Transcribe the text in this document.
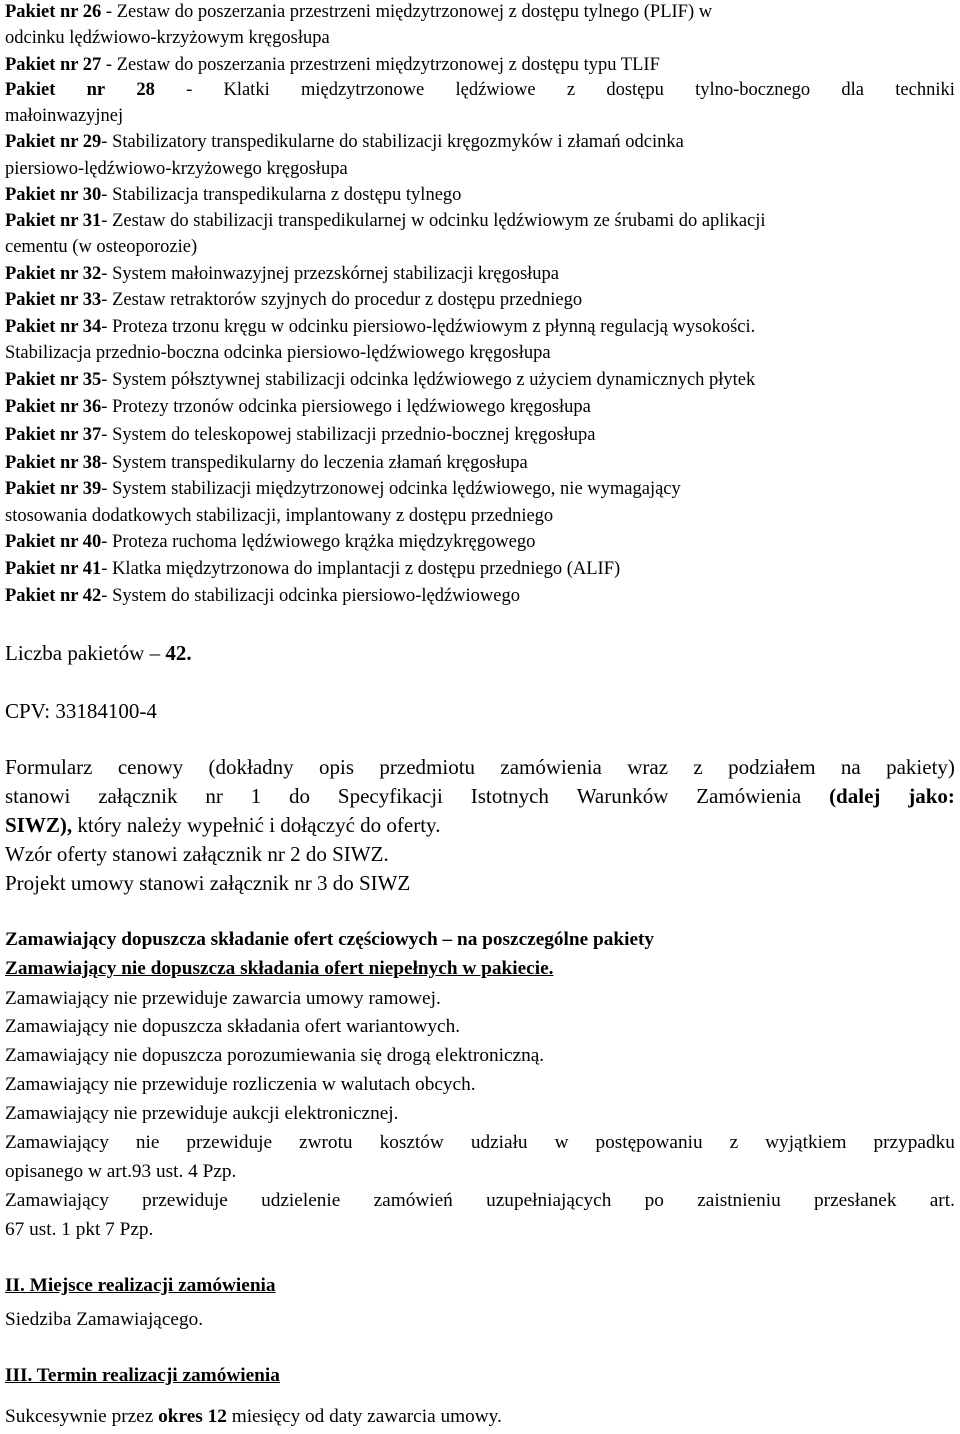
Pakiet nr 26 - Zestaw do poszerzania przestrzeni międzytrzonowej z dostępu tylnego (PLIF) w
odcinku lędźwiowo-krzyżowym kręgosłupa
Pakiet nr 27 - Zestaw do poszerzania przestrzeni międzytrzonowej z dostępu typu TLIF
Pakiet nr 28 - Klatki międzytrzonowe lędźwiowe z dostępu tylno-bocznego dla techniki
małoinwazyjnej
Pakiet nr 29- Stabilizatory transpedikularne do stabilizacji kręgozmyków i złamań odcinka
piersiowo-lędźwiowo-krzyżowego kręgosłupa
Pakiet nr 30- Stabilizacja transpedikularna z dostępu tylnego
Pakiet nr 31- Zestaw do stabilizacji transpedikularnej w odcinku lędźwiowym ze śrubami do aplikacji
cementu (w osteoporozie)
Pakiet nr 32- System małoinwazyjnej przezskórnej stabilizacji kręgosłupa
Pakiet nr 33- Zestaw retraktorów szyjnych do procedur z dostępu przedniego
Pakiet nr 34- Proteza trzonu kręgu w odcinku piersiowo-lędźwiowym z płynną regulacją wysokości.
Stabilizacja przednio-boczna odcinka piersiowo-lędźwiowego kręgosłupa
Pakiet nr 35- System półsztywnej stabilizacji odcinka lędźwiowego z użyciem dynamicznych płytek
Pakiet nr 36- Protezy trzonów odcinka piersiowego i lędźwiowego kręgosłupa
Pakiet nr 37- System do teleskopowej stabilizacji przednio-bocznej kręgosłupa
Pakiet nr 38- System transpedikularny do leczenia złamań kręgosłupa
Pakiet nr 39- System stabilizacji międzytrzonowej odcinka lędźwiowego, nie wymagający
stosowania dodatkowych stabilizacji, implantowany z dostępu przedniego
Pakiet nr 40- Proteza ruchoma lędźwiowego krążka międzykręgowego
Pakiet nr 41- Klatka międzytrzonowa do implantacji z dostępu przedniego (ALIF)
Pakiet nr 42- System do stabilizacji odcinka piersiowo-lędźwiowego
Liczba pakietów – 42.
CPV: 33184100-4
Formularz cenowy (dokładny opis przedmiotu zamówienia wraz z podziałem na pakiety)
stanowi załącznik nr 1 do Specyfikacji Istotnych Warunków Zamówienia (dalej jako:
SIWZ), który należy wypełnić i dołączyć do oferty.
Wzór oferty stanowi załącznik nr 2 do SIWZ.
Projekt umowy stanowi załącznik nr 3 do SIWZ
Zamawiający dopuszcza składanie ofert częściowych – na poszczególne pakiety
Zamawiający nie dopuszcza składania ofert niepełnych w pakiecie.
Zamawiający nie przewiduje zawarcia umowy ramowej.
Zamawiający nie dopuszcza składania ofert wariantowych.
Zamawiający nie dopuszcza porozumiewania się drogą elektroniczną.
Zamawiający nie przewiduje rozliczenia w walutach obcych.
Zamawiający nie przewiduje aukcji elektronicznej.
Zamawiający nie przewiduje zwrotu kosztów udziału w postępowaniu z wyjątkiem przypadku
opisanego w art.93 ust. 4 Pzp.
Zamawiający przewiduje udzielenie zamówień uzupełniających po zaistnieniu przesłanek art.
67 ust. 1 pkt 7 Pzp.
II. Miejsce realizacji zamówienia
Siedziba Zamawiającego.
III. Termin realizacji zamówienia
Sukcesywnie przez okres 12 miesięcy od daty zawarcia umowy.
